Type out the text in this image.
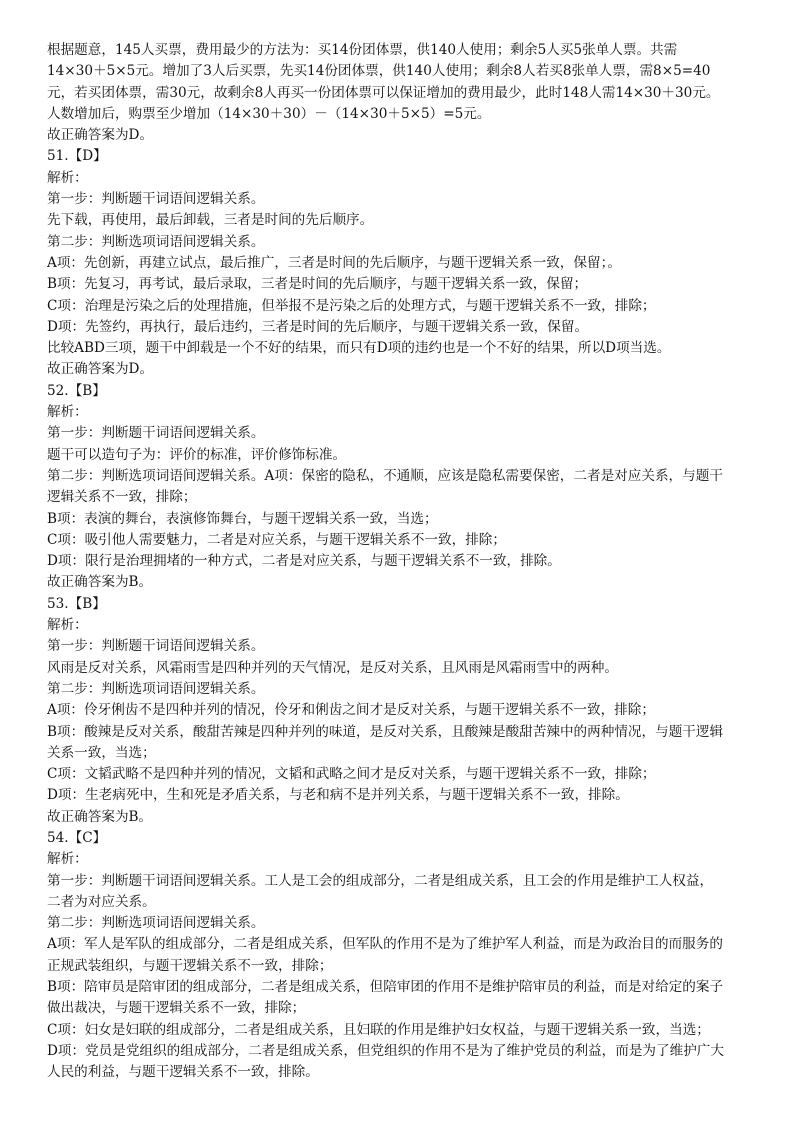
根据题意，145人买票，费用最少的方法为：买14份团体票，供140人使用；剩余5人买5张单人票。共需
14×30＋5×5元。增加了3人后买票，先买14份团体票，供140人使用；剩余8人若买8张单人票，需8×5=40
元，若买团体票，需30元，故剩余8人再买一份团体票可以保证增加的费用最少，此时148人需14×30＋30元。
人数增加后，购票至少增加（14×30＋30）－（14×30＋5×5）=5元。
故正确答案为D。
51.【D】
解析：
第一步：判断题干词语间逻辑关系。
先下载，再使用，最后卸载，三者是时间的先后顺序。
第二步：判断选项词语间逻辑关系。
A项：先创新，再建立试点，最后推广，三者是时间的先后顺序，与题干逻辑关系一致，保留；。
B项：先复习，再考试，最后录取，三者是时间的先后顺序，与题干逻辑关系一致，保留；
C项：治理是污染之后的处理措施，但举报不是污染之后的处理方式，与题干逻辑关系不一致，排除；
D项：先签约，再执行，最后违约，三者是时间的先后顺序，与题干逻辑关系一致，保留。
比较ABD三项，题干中卸载是一个不好的结果，而只有D项的违约也是一个不好的结果，所以D项当选。
故正确答案为D。
52.【B】
解析：
第一步：判断题干词语间逻辑关系。
题干可以造句子为：评价的标准，评价修饰标准。
第二步：判断选项词语间逻辑关系。A项：保密的隐私，不通顺，应该是隐私需要保密，二者是对应关系，与题干
逻辑关系不一致，排除；
B项：表演的舞台，表演修饰舞台，与题干逻辑关系一致，当选；
C项：吸引他人需要魅力，二者是对应关系，与题干逻辑关系不一致，排除；
D项：限行是治理拥堵的一种方式，二者是对应关系，与题干逻辑关系不一致，排除。
故正确答案为B。
53.【B】
解析：
第一步：判断题干词语间逻辑关系。
风雨是反对关系，风霜雨雪是四种并列的天气情况，是反对关系，且风雨是风霜雨雪中的两种。
第二步：判断选项词语间逻辑关系。
A项：伶牙俐齿不是四种并列的情况，伶牙和俐齿之间才是反对关系，与题干逻辑关系不一致，排除；
B项：酸辣是反对关系，酸甜苦辣是四种并列的味道，是反对关系，且酸辣是酸甜苦辣中的两种情况，与题干逻辑
关系一致，当选；
C项：文韬武略不是四种并列的情况，文韬和武略之间才是反对关系，与题干逻辑关系不一致，排除；
D项：生老病死中，生和死是矛盾关系，与老和病不是并列关系，与题干逻辑关系不一致，排除。
故正确答案为B。
54.【C】
解析：
第一步：判断题干词语间逻辑关系。工人是工会的组成部分，二者是组成关系，且工会的作用是维护工人权益，
二者为对应关系。
第二步：判断选项词语间逻辑关系。
A项：军人是军队的组成部分，二者是组成关系，但军队的作用不是为了维护军人利益，而是为政治目的而服务的
正规武装组织，与题干逻辑关系不一致，排除；
B项：陪审员是陪审团的组成部分，二者是组成关系，但陪审团的作用不是维护陪审员的利益，而是对给定的案子
做出裁决，与题干逻辑关系不一致，排除；
C项：妇女是妇联的组成部分，二者是组成关系，且妇联的作用是维护妇女权益，与题干逻辑关系一致，当选；
D项：党员是党组织的组成部分，二者是组成关系，但党组织的作用不是为了维护党员的利益，而是为了维护广大
人民的利益，与题干逻辑关系不一致，排除。
